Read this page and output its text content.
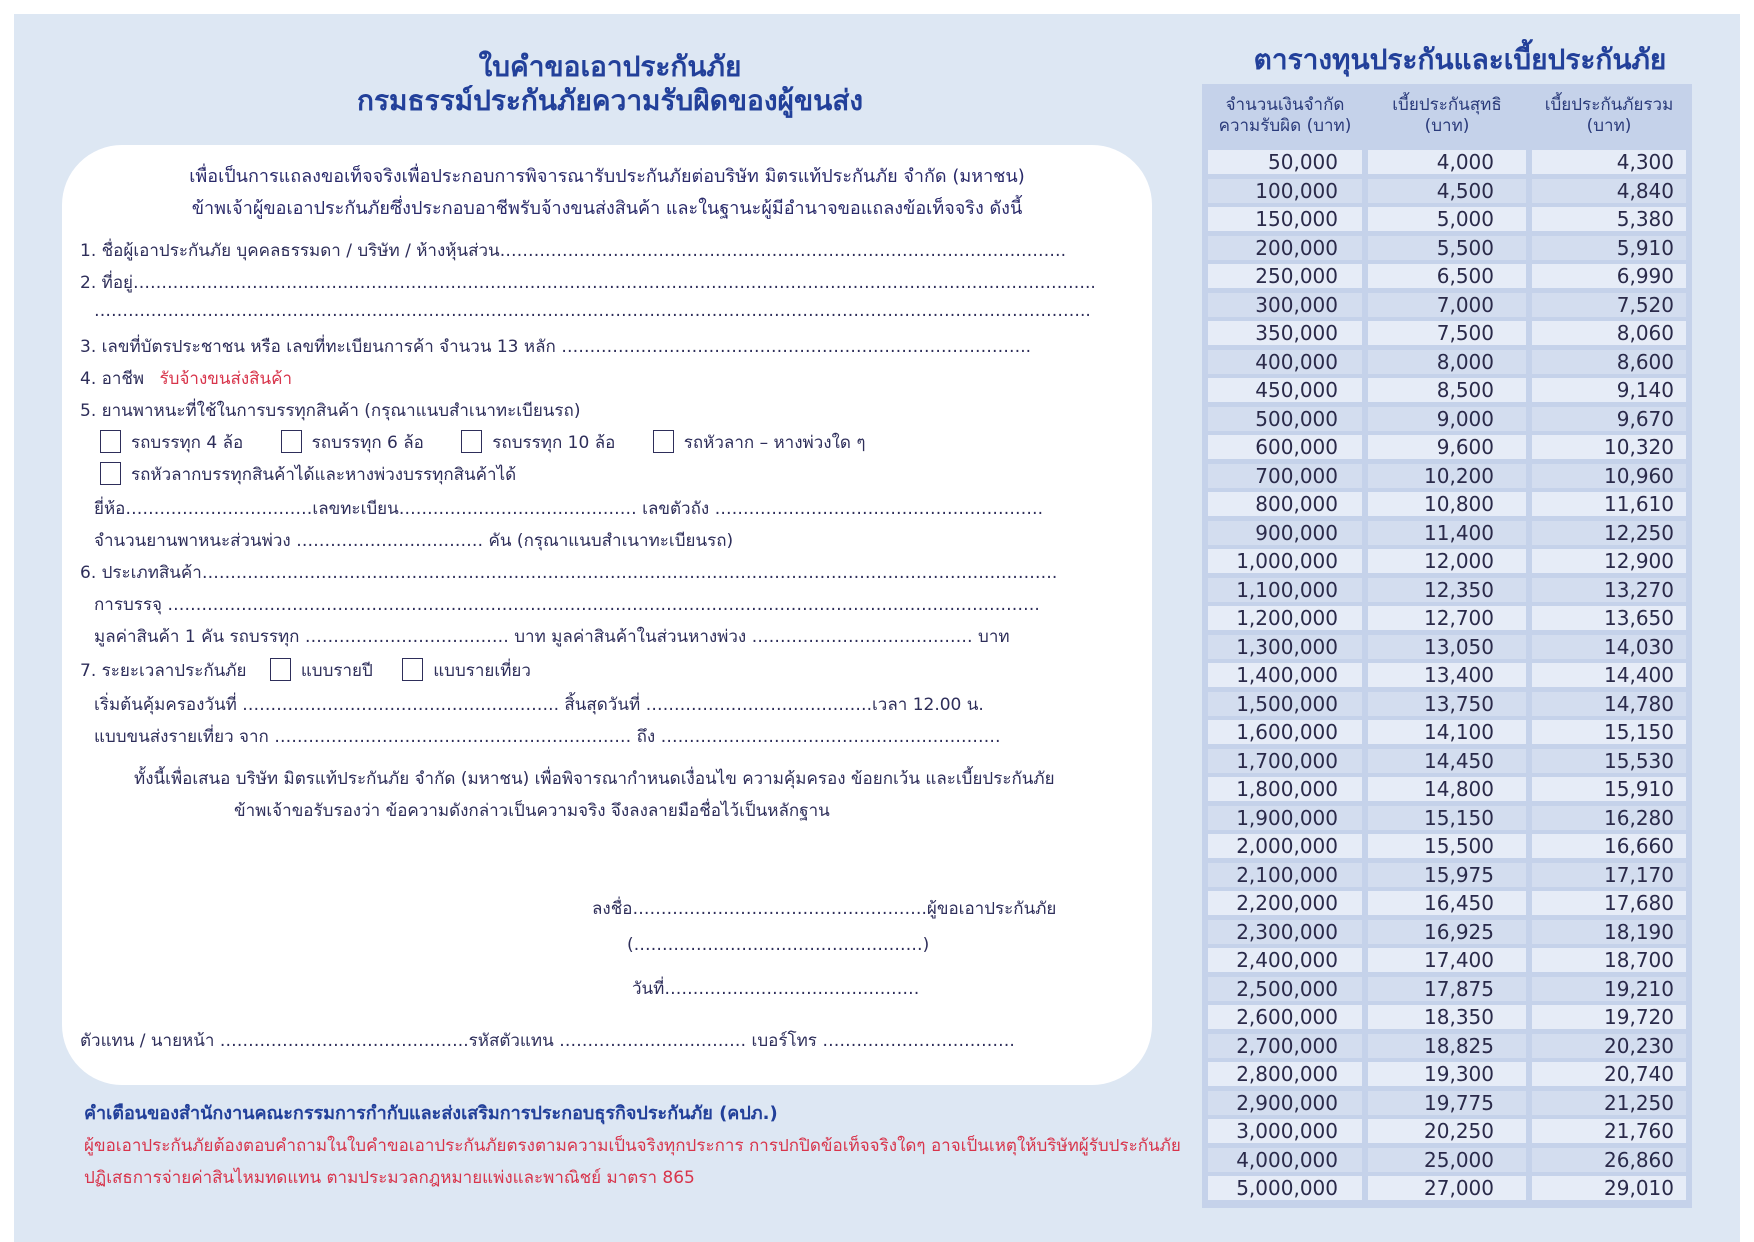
ใบคำขอเอาประกันภัย
กรมธรรม์ประกันภัยความรับผิดของผู้ขนส่ง
เพื่อเป็นการแถลงขอเท็จจริงเพื่อประกอบการพิจารณารับประกันภัยต่อบริษัท มิตรแท้ประกันภัย จำกัด (มหาชน)
ข้าพเจ้าผู้ขอเอาประกันภัยซึ่งประกอบอาชีพรับจ้างขนส่งสินค้า และในฐานะผู้มีอำนาจขอแถลงข้อเท็จจริง ดังนี้
1. ชื่อผู้เอาประกันภัย บุคคลธรรมดา / บริษัท / ห้างหุ้นส่วน……………………………………………………………………………………….
2. ที่อยู่……………………………………………………………………………………………………………………………………………………..
…………………………………………………………………………………………………………………………………………………………..
3. เลขที่บัตรประชาชน หรือ เลขที่ทะเบียนการค้า จำนวน 13 หลัก ………………………………………………………………………..
4. อาชีพ รับจ้างขนส่งสินค้า
5. ยานพาหนะที่ใช้ในการบรรทุกสินค้า (กรุณาแนบสำเนาทะเบียนรถ)
รถบรรทุก 4 ล้อ	รถบรรทุก 6 ล้อ	รถบรรทุก 10 ล้อ	รถหัวลาก – หางพ่วงใด ๆ
รถหัวลากบรรทุกสินค้าได้และหางพ่วงบรรทุกสินค้าได้
ยี่ห้อ……………………………เลขทะเบียน…………………………………… เลขตัวถัง ………………………………………………….
จำนวนยานพาหนะส่วนพ่วง …………………………… คัน (กรุณาแนบสำเนาทะเบียนรถ)
6. ประเภทสินค้า…………………………………………………………………………………………………………………………………….
การบรรจุ ……………………………………………………………………………………………………………………………………….
มูลค่าสินค้า 1 คัน รถบรรทุก ……………………………… บาท มูลค่าสินค้าในส่วนหางพ่วง ………………………………… บาท
7. ระยะเวลาประกันภัย	แบบรายปี	แบบรายเที่ยว
เริ่มต้นคุ้มครองวันที่ ……………………………………………….. สิ้นสุดวันที่ ………………………………….เวลา 12.00 น.
แบบขนส่งรายเที่ยว จาก ……………………………………………………… ถึง ……………………………………………………
ทั้งนี้เพื่อเสนอ บริษัท มิตรแท้ประกันภัย จำกัด (มหาชน) เพื่อพิจารณากำหนดเงื่อนไข ความคุ้มครอง ข้อยกเว้น และเบี้ยประกันภัย
ข้าพเจ้าขอรับรองว่า ข้อความดังกล่าวเป็นความจริง จึงลงลายมือชื่อไว้เป็นหลักฐาน
ลงชื่อ…………………………………………….ผู้ขอเอาประกันภัย
(……………………………………………)
วันที่………………………………………
ตัวแทน / นายหน้า ……………………………………..รหัสตัวแทน …………………………… เบอร์โทร …………………………….
คำเตือนของสำนักงานคณะกรรมการกำกับและส่งเสริมการประกอบธุรกิจประกันภัย (คปภ.)
ผู้ขอเอาประกันภัยต้องตอบคำถามในใบคำขอเอาประกันภัยตรงตามความเป็นจริงทุกประการ การปกปิดข้อเท็จจริงใดๆ อาจเป็นเหตุให้บริษัทผู้รับประกันภัย
ปฏิเสธการจ่ายค่าสินไหมทดแทน ตามประมวลกฎหมายแพ่งและพาณิชย์ มาตรา 865
ตารางทุนประกันและเบี้ยประกันภัย
จำนวนเงินจำกัด
ความรับผิด (บาท)
เบี้ยประกันสุทธิ
(บาท)
เบี้ยประกันภัยรวม
(บาท)
50,000	4,000	4,300
100,000	4,500	4,840
150,000	5,000	5,380
200,000	5,500	5,910
250,000	6,500	6,990
300,000	7,000	7,520
350,000	7,500	8,060
400,000	8,000	8,600
450,000	8,500	9,140
500,000	9,000	9,670
600,000	9,600	10,320
700,000	10,200	10,960
800,000	10,800	11,610
900,000	11,400	12,250
1,000,000	12,000	12,900
1,100,000	12,350	13,270
1,200,000	12,700	13,650
1,300,000	13,050	14,030
1,400,000	13,400	14,400
1,500,000	13,750	14,780
1,600,000	14,100	15,150
1,700,000	14,450	15,530
1,800,000	14,800	15,910
1,900,000	15,150	16,280
2,000,000	15,500	16,660
2,100,000	15,975	17,170
2,200,000	16,450	17,680
2,300,000	16,925	18,190
2,400,000	17,400	18,700
2,500,000	17,875	19,210
2,600,000	18,350	19,720
2,700,000	18,825	20,230
2,800,000	19,300	20,740
2,900,000	19,775	21,250
3,000,000	20,250	21,760
4,000,000	25,000	26,860
5,000,000	27,000	29,010
